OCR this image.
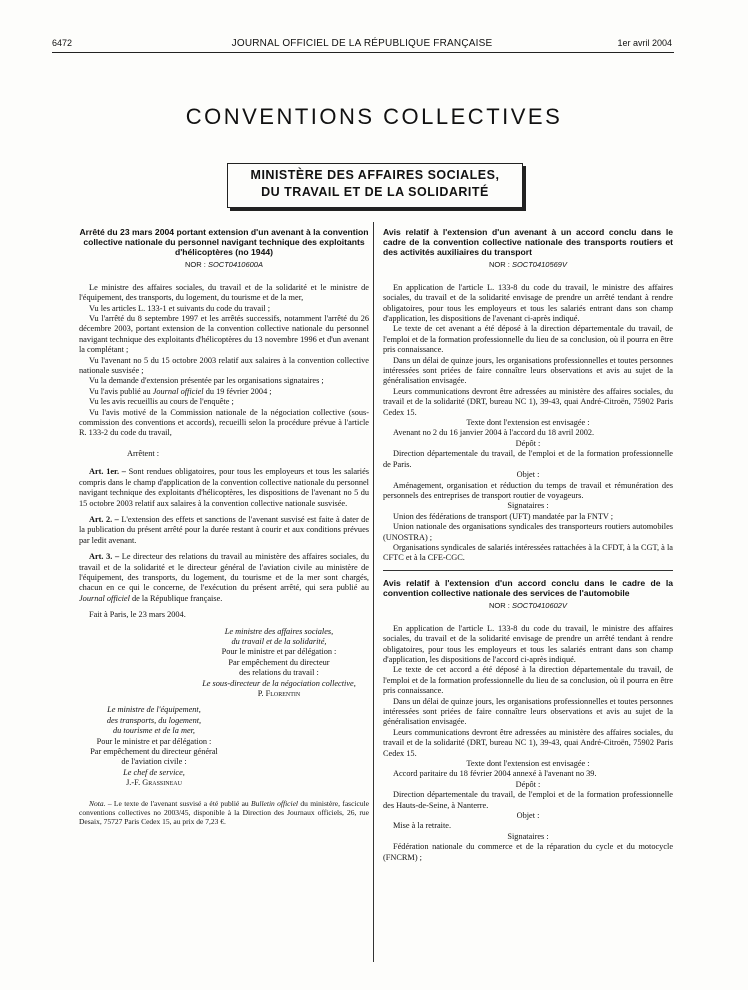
6472	JOURNAL OFFICIEL DE LA RÉPUBLIQUE FRANÇAISE	1er avril 2004
CONVENTIONS COLLECTIVES
MINISTÈRE DES AFFAIRES SOCIALES,
DU TRAVAIL ET DE LA SOLIDARITÉ
Arrêté du 23 mars 2004 portant extension d'un avenant à la convention collective nationale du personnel navigant technique des exploitants d'hélicoptères (no 1944)
NOR : SOCT0410600A

Le ministre des affaires sociales, du travail et de la solidarité et le ministre de l'équipement, des transports, du logement, du tourisme et de la mer,

Vu les articles L. 133-1 et suivants du code du travail ;

Vu l'arrêté du 8 septembre 1997 et les arrêtés successifs, notamment l'arrêté du 26 décembre 2003, portant extension de la convention collective nationale du personnel navigant technique des exploitants d'hélicoptères du 13 novembre 1996 et d'un avenant la complétant ;

Vu l'avenant no 5 du 15 octobre 2003 relatif aux salaires à la convention collective nationale susvisée ;

Vu la demande d'extension présentée par les organisations signataires ;

Vu l'avis publié au Journal officiel du 19 février 2004 ;

Vu les avis recueillis au cours de l'enquête ;

Vu l'avis motivé de la Commission nationale de la négociation collective (sous-commission des conventions et accords), recueilli selon la procédure prévue à l'article R. 133-2 du code du travail,

Arrêtent :

Art. 1er. – Sont rendues obligatoires, pour tous les employeurs et tous les salariés compris dans le champ d'application de la convention collective nationale du personnel navigant technique des exploitants d'hélicoptères, les dispositions de l'avenant no 5 du 15 octobre 2003 relatif aux salaires à la convention collective nationale susvisée.

Art. 2. – L'extension des effets et sanctions de l'avenant susvisé est faite à dater de la publication du présent arrêté pour la durée restant à courir et aux conditions prévues par ledit avenant.

Art. 3. – Le directeur des relations du travail au ministère des affaires sociales, du travail et de la solidarité et le directeur général de l'aviation civile au ministère de l'équipement, des transports, du logement, du tourisme et de la mer sont chargés, chacun en ce qui le concerne, de l'exécution du présent arrêté, qui sera publié au Journal officiel de la République française.

Fait à Paris, le 23 mars 2004.

Le ministre des affaires sociales,
du travail et de la solidarité,
Pour le ministre et par délégation :
Par empêchement du directeur
des relations du travail :
Le sous-directeur de la négociation collective,
P. Florentin
Le ministre de l'équipement,
des transports, du logement,
du tourisme et de la mer,
Pour le ministre et par délégation :
Par empêchement du directeur général
de l'aviation civile :
Le chef de service,
J.-F. Grassineau
Nota. – Le texte de l'avenant susvisé a été publié au Bulletin officiel du ministère, fascicule conventions collectives no 2003/45, disponible à la Direction des Journaux officiels, 26, rue Desaix, 75727 Paris Cedex 15, au prix de 7,23 €.
Avis relatif à l'extension d'un avenant à un accord conclu dans le cadre de la convention collective nationale des transports routiers et des activités auxiliaires du transport
NOR : SOCT0410569V

En application de l'article L. 133-8 du code du travail, le ministre des affaires sociales, du travail et de la solidarité envisage de prendre un arrêté tendant à rendre obligatoires, pour tous les employeurs et tous les salariés entrant dans son champ d'application, les dispositions de l'avenant ci-après indiqué.

Le texte de cet avenant a été déposé à la direction départementale du travail, de l'emploi et de la formation professionnelle du lieu de sa conclusion, où il pourra en être pris connaissance.

Dans un délai de quinze jours, les organisations professionnelles et toutes personnes intéressées sont priées de faire connaître leurs observations et avis au sujet de la généralisation envisagée.

Leurs communications devront être adressées au ministère des affaires sociales, du travail et de la solidarité (DRT, bureau NC 1), 39-43, quai André-Citroën, 75902 Paris Cedex 15.

Texte dont l'extension est envisagée :

Avenant no 2 du 16 janvier 2004 à l'accord du 18 avril 2002.

Dépôt :

Direction départementale du travail, de l'emploi et de la formation professionnelle de Paris.

Objet :

Aménagement, organisation et réduction du temps de travail et rémunération des personnels des entreprises de transport routier de voyageurs.

Signataires :

Union des fédérations de transport (UFT) mandatée par la FNTV ;

Union nationale des organisations syndicales des transporteurs routiers automobiles (UNOSTRA) ;

Organisations syndicales de salariés intéressées rattachées à la CFDT, à la CGT, à la CFTC et à la CFE-CGC.

Avis relatif à l'extension d'un accord conclu dans le cadre de la convention collective nationale des services de l'automobile
NOR : SOCT0410602V

En application de l'article L. 133-8 du code du travail, le ministre des affaires sociales, du travail et de la solidarité envisage de prendre un arrêté tendant à rendre obligatoires, pour tous les employeurs et tous les salariés entrant dans son champ d'application, les dispositions de l'accord ci-après indiqué.

Le texte de cet accord a été déposé à la direction départementale du travail, de l'emploi et de la formation professionnelle du lieu de sa conclusion, où il pourra en être pris connaissance.

Dans un délai de quinze jours, les organisations professionnelles et toutes personnes intéressées sont priées de faire connaître leurs observations et avis au sujet de la généralisation envisagée.

Leurs communications devront être adressées au ministère des affaires sociales, du travail et de la solidarité (DRT, bureau NC 1), 39-43, quai André-Citroën, 75902 Paris Cedex 15.

Texte dont l'extension est envisagée :

Accord paritaire du 18 février 2004 annexé à l'avenant no 39.

Dépôt :

Direction départementale du travail, de l'emploi et de la formation professionnelle des Hauts-de-Seine, à Nanterre.

Objet :

Mise à la retraite.

Signataires :

Fédération nationale du commerce et de la réparation du cycle et du motocycle (FNCRM) ;
